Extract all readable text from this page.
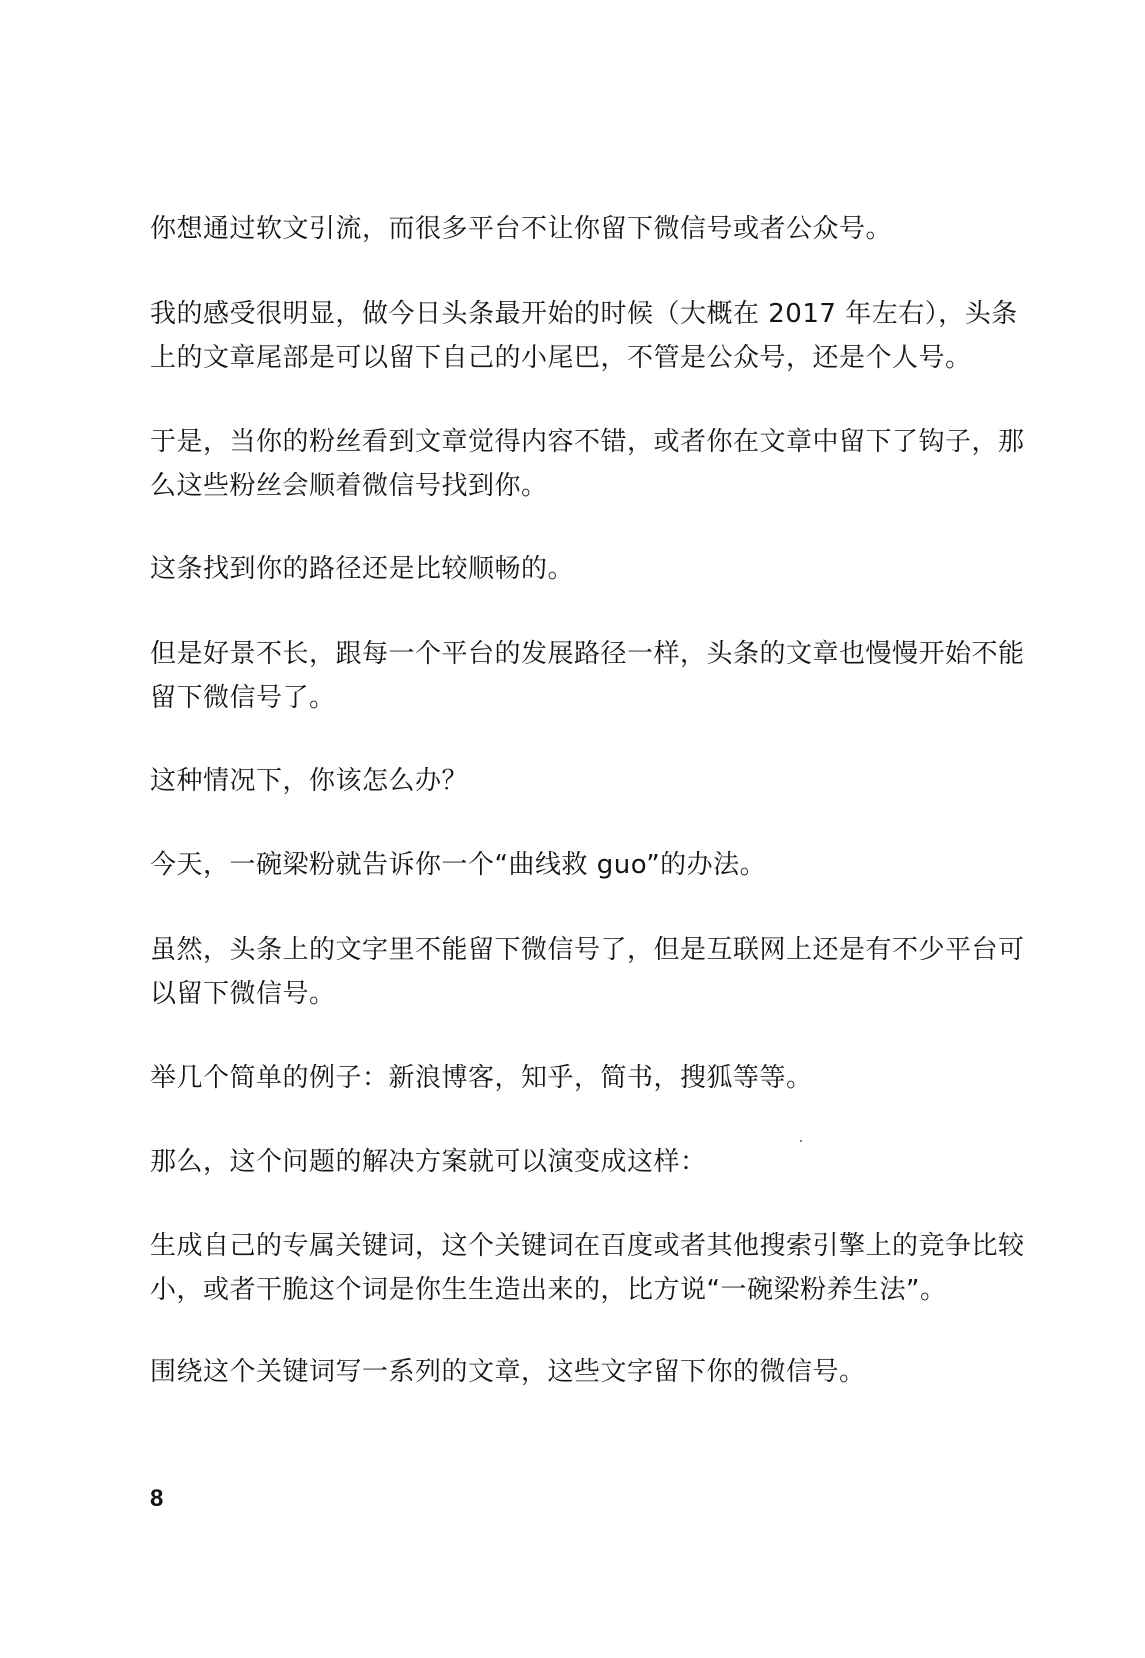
你想通过软文引流，而很多平台不让你留下微信号或者公众号。

我的感受很明显，做今日头条最开始的时候（大概在 2017 年左右），头条上的文章尾部是可以留下自己的小尾巴，不管是公众号，还是个人号。

于是，当你的粉丝看到文章觉得内容不错，或者你在文章中留下了钩子，那么这些粉丝会顺着微信号找到你。

这条找到你的路径还是比较顺畅的。

但是好景不长，跟每一个平台的发展路径一样，头条的文章也慢慢开始不能留下微信号了。

这种情况下，你该怎么办？

今天，一碗梁粉就告诉你一个“曲线救 guo”的办法。

虽然，头条上的文字里不能留下微信号了，但是互联网上还是有不少平台可以留下微信号。

举几个简单的例子：新浪博客，知乎，简书，搜狐等等。

那么，这个问题的解决方案就可以演变成这样：

生成自己的专属关键词，这个关键词在百度或者其他搜索引擎上的竞争比较小，或者干脆这个词是你生生造出来的，比方说“一碗梁粉养生法”。

围绕这个关键词写一系列的文章，这些文字留下你的微信号。

8
